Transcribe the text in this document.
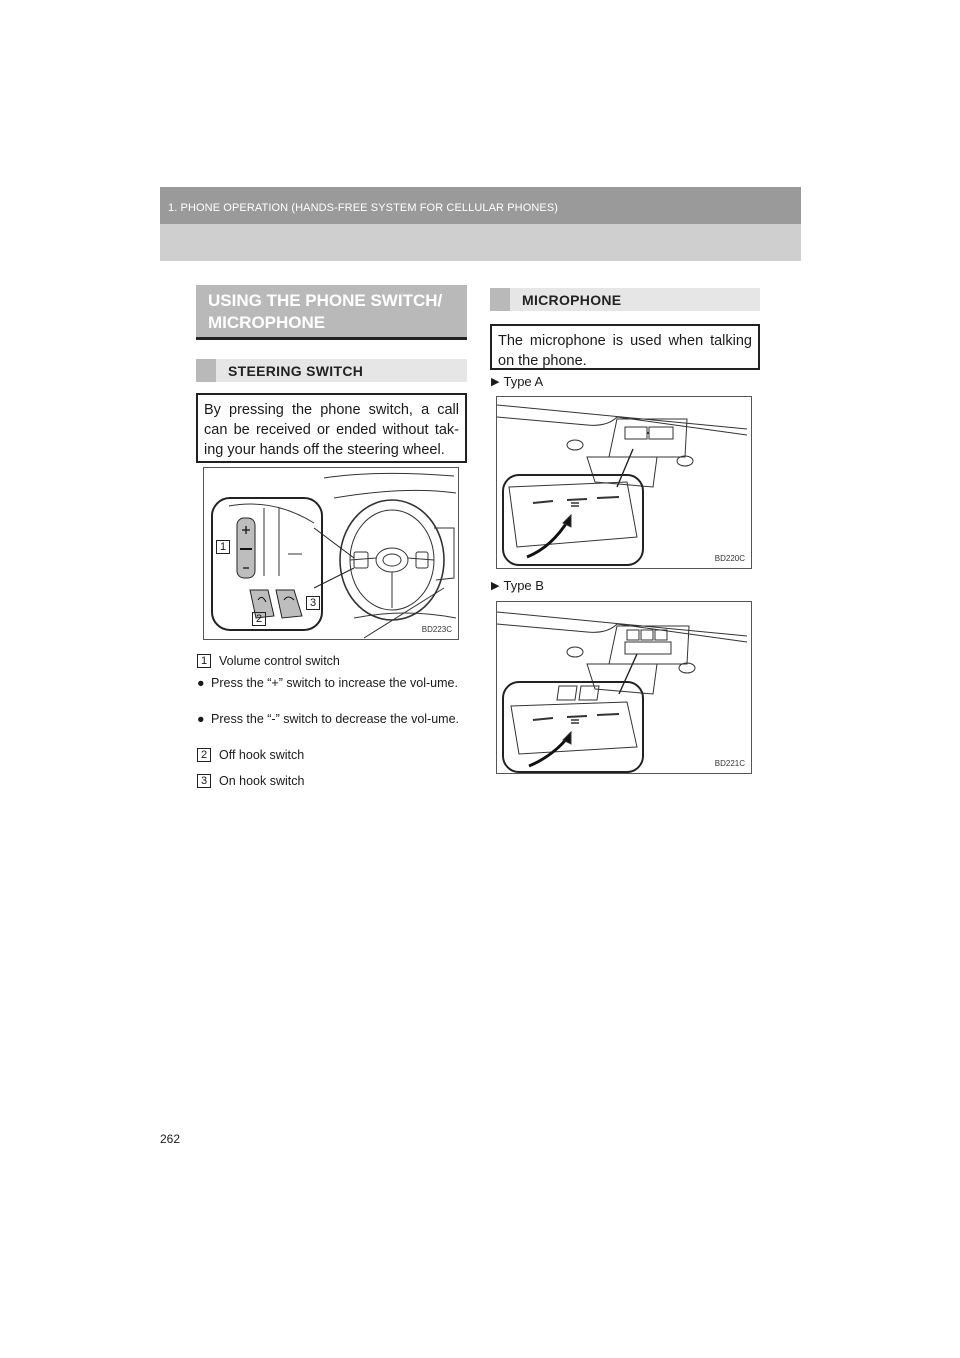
1. PHONE OPERATION (HANDS-FREE SYSTEM FOR CELLULAR PHONES)
USING THE PHONE SWITCH/
MICROPHONE
STEERING SWITCH
By pressing the phone switch, a call can be received or ended without tak-ing your hands off the steering wheel.
1
2
3
BD223C
1 Volume control switch
● Press the “+” switch to increase the vol-ume.
● Press the “-” switch to decrease the vol-ume.
2 Off hook switch
3 On hook switch
MICROPHONE
The microphone is used when talking on the phone.
▶ Type A
BD220C
▶ Type B
BD221C
262
